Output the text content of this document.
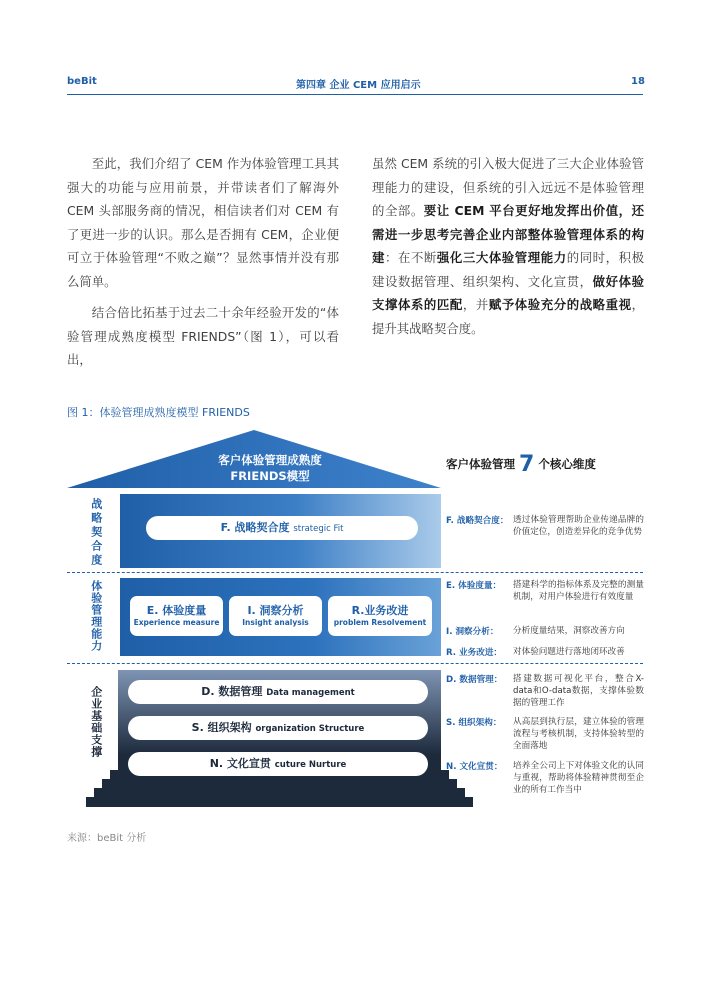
beBit	第四章 企业 CEM 应用启示	18

至此，我们介绍了 CEM 作为体验管理工具其强大的功能与应用前景，并带读者们了解海外 CEM 头部服务商的情况，相信读者们对 CEM 有了更进一步的认识。那么是否拥有 CEM，企业便可立于体验管理“不败之巅”？显然事情并没有那么简单。

结合倍比拓基于过去二十余年经验开发的“体验管理成熟度模型 FRIENDS”（图 1），可以看出，

虽然 CEM 系统的引入极大促进了三大企业体验管理能力的建设，但系统的引入远远不是体验管理的全部。要让 CEM 平台更好地发挥出价值，还需进一步思考完善企业内部整体验管理体系的构建：在不断强化三大体验管理能力的同时，积极建设数据管理、组织架构、文化宣贯，做好体验支撑体系的匹配，并赋予体验充分的战略重视，提升其战略契合度。

图 1：体验管理成熟度模型 FRIENDS
客户体验管理成熟度
FRIENDS模型
客户体验管理 7 个核心维度
F. 战略契合度 strategic Fit
战略契合度
E. 体验度量
Experience measure
I. 洞察分析
Insight analysis
R.业务改进
problem Resolvement
体验管理能力
D. 数据管理 Data management
S. 组织架构 organization Structure
N. 文化宣贯 cuture Nurture
企业基础支撑
F. 战略契合度： 透过体验管理帮助企业传递品牌的价值定位，创造差异化的竞争优势
E. 体验度量： 搭建科学的指标体系及完整的测量机制，对用户体验进行有效度量
I. 洞察分析： 分析度量结果，洞察改善方向
R. 业务改进： 对体验问题进行落地闭环改善
D. 数据管理： 搭建数据可视化平台，整合X-data和O-data数据，支撑体验数据的管理工作
S. 组织架构： 从高层到执行层，建立体验的管理流程与考核机制，支持体验转型的全面落地
N. 文化宣贯： 培养全公司上下对体验文化的认同与重视，帮助将体验精神贯彻至企业的所有工作当中
来源：beBit 分析
